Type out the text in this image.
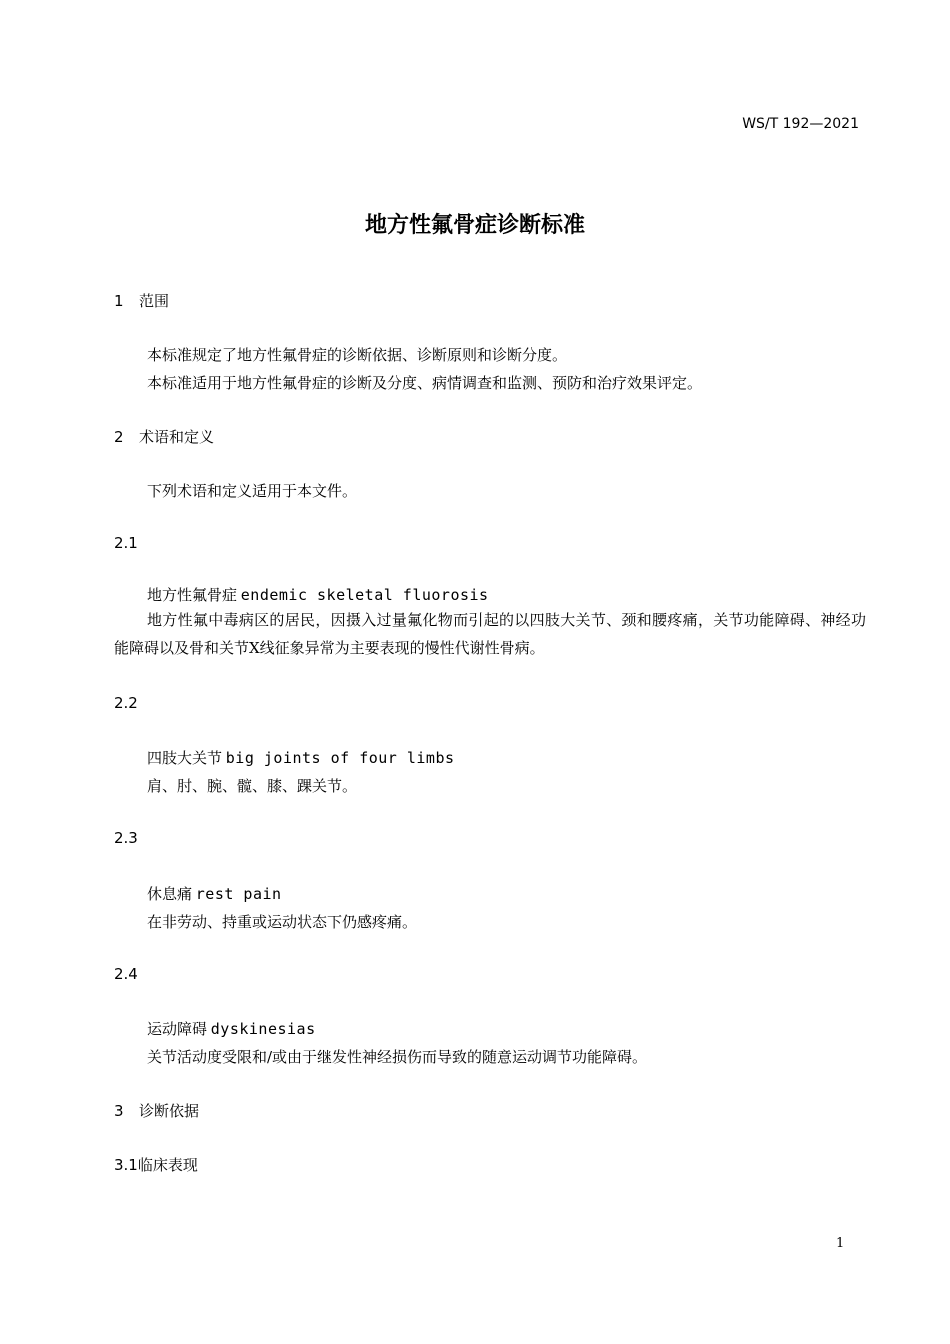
WS/T 192—2021
地方性氟骨症诊断标准
1 范围
本标准规定了地方性氟骨症的诊断依据、诊断原则和诊断分度。
本标准适用于地方性氟骨症的诊断及分度、病情调查和监测、预防和治疗效果评定。
2 术语和定义
下列术语和定义适用于本文件。
2.1
地方性氟骨症 endemic skeletal fluorosis
地方性氟中毒病区的居民，因摄入过量氟化物而引起的以四肢大关节、颈和腰疼痛，关节功能障碍、神经功能障碍以及骨和关节X线征象异常为主要表现的慢性代谢性骨病。
2.2
四肢大关节 big joints of four limbs
肩、肘、腕、髋、膝、踝关节。
2.3
休息痛 rest pain
在非劳动、持重或运动状态下仍感疼痛。
2.4
运动障碍 dyskinesias
关节活动度受限和/或由于继发性神经损伤而导致的随意运动调节功能障碍。
3 诊断依据
3.1临床表现
1
